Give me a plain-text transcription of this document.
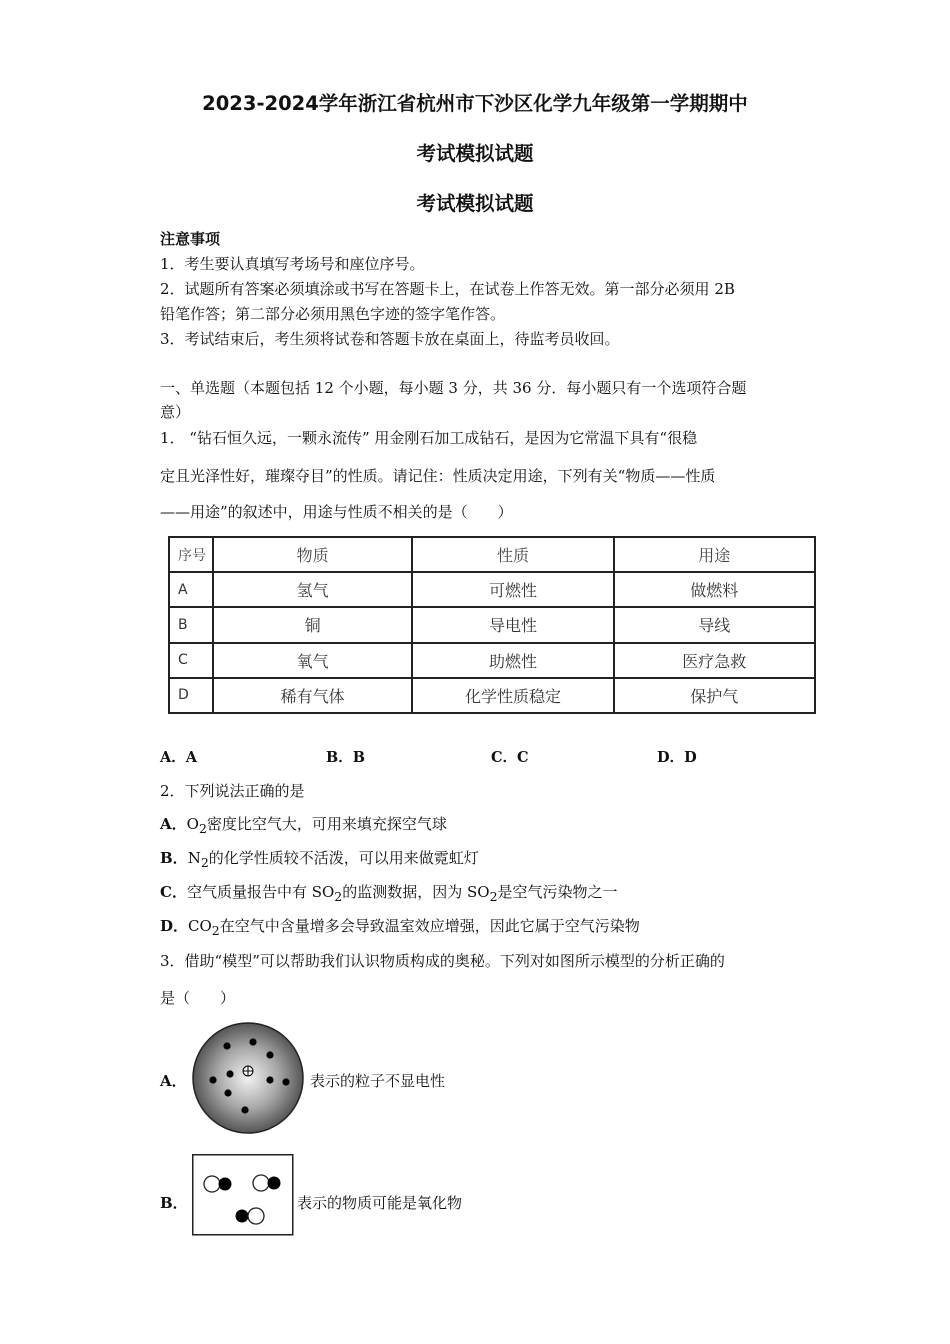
2023-2024学年浙江省杭州市下沙区化学九年级第一学期期中
考试模拟试题
考试模拟试题
注意事项
1．考生要认真填写考场号和座位序号。
2．试题所有答案必须填涂或书写在答题卡上，在试卷上作答无效。第一部分必须用 2B
铅笔作答；第二部分必须用黑色字迹的签字笔作答。
3．考试结束后，考生须将试卷和答题卡放在桌面上，待监考员收回。
一、单选题（本题包括 12 个小题，每小题 3 分，共 36 分．每小题只有一个选项符合题
意）
1． “钻石恒久远，一颗永流传” 用金刚石加工成钻石，是因为它常温下具有“很稳
定且光泽性好，璀璨夺目”的性质。请记住：性质决定用途，下列有关“物质——性质
——用途”的叙述中，用途与性质不相关的是（　　）
序号	物质	性质	用途
A	氢气	可燃性	做燃料
B	铜	导电性	导线
C	氧气	助燃性	医疗急救
D	稀有气体	化学性质稳定	保护气
A．A	B．B	C．C	D．D
2．下列说法正确的是
A．$O_2$密度比空气大，可用来填充探空气球
B．$N_2$的化学性质较不活泼，可以用来做霓虹灯
C．空气质量报告中有 $SO_2$的监测数据，因为 $SO_2$是空气污染物之一
D．$CO_2$在空气中含量增多会导致温室效应增强，因此它属于空气污染物
3．借助“模型”可以帮助我们认识物质构成的奥秘。下列对如图所示模型的分析正确的
是（　　）
A．	表示的粒子不显电性
B．	表示的物质可能是氧化物
